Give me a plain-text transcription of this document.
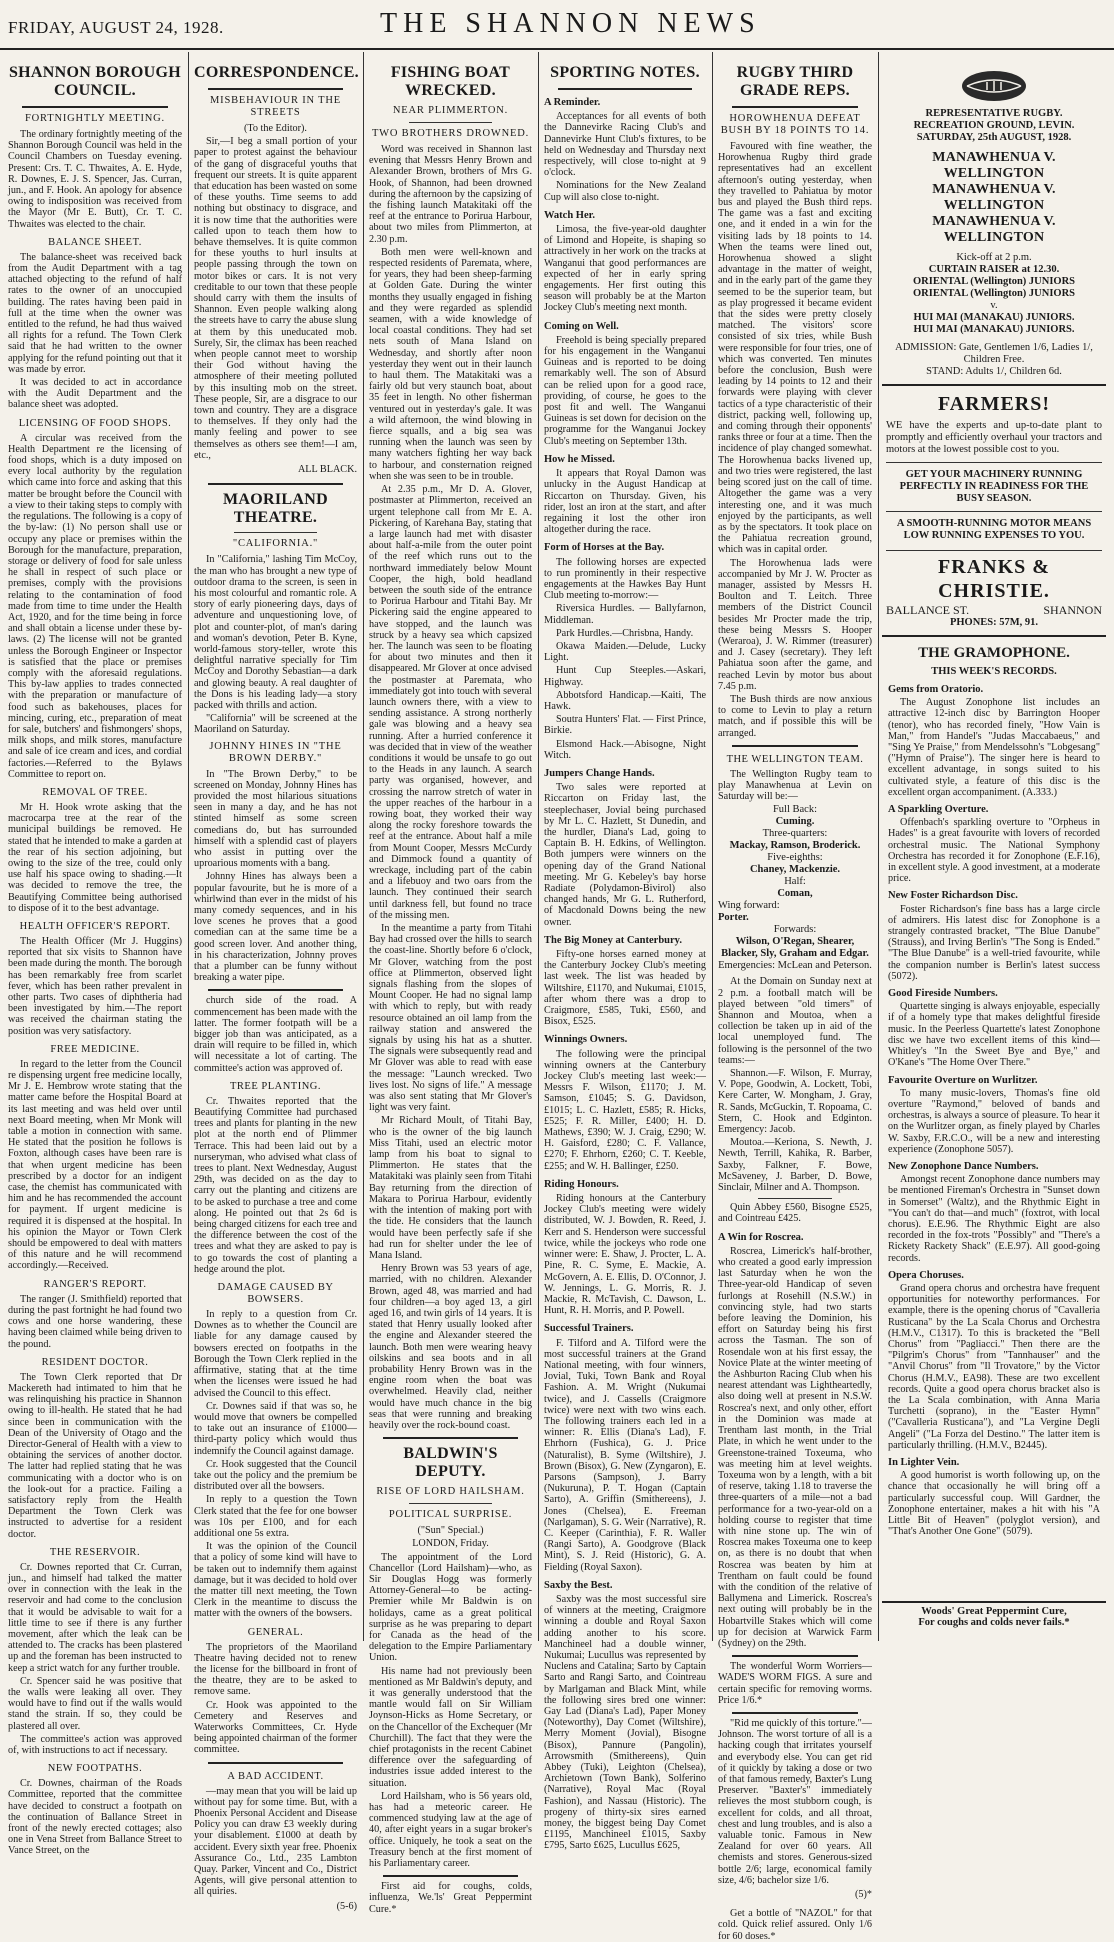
FRIDAY, AUGUST 24, 1928.	THE SHANNON NEWS
SHANNON BOROUGH COUNCIL.
FORTNIGHTLY MEETING.

The ordinary fortnightly meeting of the Shannon Borough Council was held in the Council Chambers on Tuesday evening. Present: Crs. T. C. Thwaites, A. E. Hyde, R. Downes, E. J. S. Spencer, Jas. Curran, jun., and F. Hook. An apology for absence owing to indisposition was received from the Mayor (Mr E. Butt), Cr. T. C. Thwaites was elected to the chair.

BALANCE SHEET.

The balance-sheet was received back from the Audit Department with a tag attached objecting to the refund of half rates to the owner of an unoccupied building. The rates having been paid in full at the time when the owner was entitled to the refund, he had thus waived all rights for a refund. The Town Clerk said that he had written to the owner applying for the refund pointing out that it was made by error.

It was decided to act in accordance with the Audit Department and the balance sheet was adopted.

LICENSING OF FOOD SHOPS.

A circular was received from the Health Department re the licensing of food shops, which is a duty imposed on every local authority by the regulation which came into force and asking that this matter be brought before the Council with a view to their taking steps to comply with the regulations. The following is a copy of the by-law: (1) No person shall use or occupy any place or premises within the Borough for the manufacture, preparation, storage or delivery of food for sale unless he shall in respect of such place or premises, comply with the provisions relating to the contamination of food made from time to time under the Health Act, 1920, and for the time being in force and shall obtain a license under these by-laws. (2) The license will not be granted unless the Borough Engineer or Inspector is satisfied that the place or premises comply with the aforesaid regulations. This by-law applies to trades connected with the preparation or manufacture of food such as bakehouses, places for mincing, curing, etc., preparation of meat for sale, butchers' and fishmongers' shops, milk shops, and milk stores, manufacture and sale of ice cream and ices, and cordial factories.—Referred to the Bylaws Committee to report on.

REMOVAL OF TREE.

Mr H. Hook wrote asking that the macrocarpa tree at the rear of the municipal buildings be removed. He stated that he intended to make a garden at the rear of his section adjoining, but owing to the size of the tree, could only use half his space owing to shading.—It was decided to remove the tree, the Beautifying Committee being authorised to dispose of it to the best advantage.

HEALTH OFFICER'S REPORT.

The Health Officer (Mr J. Huggins) reported that six visits to Shannon have been made during the month. The borough has been remarkably free from scarlet fever, which has been rather prevalent in other parts. Two cases of diphtheria had been investigated by him.—The report was received the chairman stating the position was very satisfactory.

FREE MEDICINE.

In regard to the letter from the Council re dispensing urgent free medicine locally, Mr J. E. Hembrow wrote stating that the matter came before the Hospital Board at its last meeting and was held over until next Board meeting, when Mr Monk will table a motion in connection with same. He stated that the position he follows is Foxton, although cases have been rare is that when urgent medicine has been prescribed by a doctor for an indigent case, the chemist has communicated with him and he has recommended the account for payment. If urgent medicine is required it is dispensed at the hospital. In his opinion the Mayor or Town Clerk should be empowered to deal with matters of this nature and he will recommend accordingly.—Received.

RANGER'S REPORT.

The ranger (J. Smithfield) reported that during the past fortnight he had found two cows and one horse wandering, these having been claimed while being driven to the pound.

RESIDENT DOCTOR.

The Town Clerk reported that Dr Mackereth had intimated to him that he was relinquishing his practice in Shannon owing to ill-health. He stated that he had since been in communication with the Dean of the University of Otago and the Director-General of Health with a view to obtaining the services of another doctor. The latter had replied stating that he was communicating with a doctor who is on the look-out for a practice. Failing a satisfactory reply from the Health Department the Town Clerk was instructed to advertise for a resident doctor.

THE RESERVOIR.

Cr. Downes reported that Cr. Curran, jun., and himself had talked the matter over in connection with the leak in the reservoir and had come to the conclusion that it would be advisable to wait for a little time to see if there is any further movement, after which the leak can be attended to. The cracks has been plastered up and the foreman has been instructed to keep a strict watch for any further trouble.

Cr. Spencer said he was positive that the walls were leaking all over. They would have to find out if the walls would stand the strain. If so, they could be plastered all over.

The committee's action was approved of, with instructions to act if necessary.

NEW FOOTPATHS.

Cr. Downes, chairman of the Roads Committee, reported that the committee have decided to construct a footpath on the continuation of Ballance Street in front of the newly erected cottages; also one in Vena Street from Ballance Street to Vance Street, on the

CORRESPONDENCE.
MISBEHAVIOUR IN THE STREETS

(To the Editor).

Sir,—I beg a small portion of your paper to protest against the behaviour of the gang of disgraceful youths that frequent our streets. It is quite apparent that education has been wasted on some of these youths. Time seems to add nothing but obstinacy to disgrace, and it is now time that the authorities were called upon to teach them how to behave themselves. It is quite common for these youths to hurl insults at people passing through the town on motor bikes or cars. It is not very creditable to our town that these people should carry with them the insults of Shannon. Even people walking along the streets have to carry the abuse slung at them by this uneducated mob. Surely, Sir, the climax has been reached when people cannot meet to worship their God without having the atmosphere of their meeting polluted by this insulting mob on the street. These people, Sir, are a disgrace to our town and country. They are a disgrace to themselves. If they only had the manly feeling and power to see themselves as others see them!—I am, etc.,

ALL BLACK.
MAORILAND THEATRE.
"CALIFORNIA."

In "California," lashing Tim McCoy, the man who has brought a new type of outdoor drama to the screen, is seen in his most colourful and romantic role. A story of early pioneering days, days of adventure and unquestioning love, of plot and counter-plot, of man's daring and woman's devotion, Peter B. Kyne, world-famous story-teller, wrote this delightful narrative specially for Tim McCoy and Dorothy Sebastian—a dark and glowing beauty. A real daughter of the Dons is his leading lady—a story packed with thrills and action.

"California" will be screened at the Maoriland on Saturday.

JOHNNY HINES IN "THE BROWN DERBY."

In "The Brown Derby," to be screened on Monday, Johnny Hines has provided the most hilarious situations seen in many a day, and he has not stinted himself as some screen comedians do, but has surrounded himself with a splendid cast of players who assist in putting over the uproarious moments with a bang.

Johnny Hines has always been a popular favourite, but he is more of a whirlwind than ever in the midst of his many comedy sequences, and in his love scenes he proves that a good comedian can at the same time be a good screen lover. And another thing, in his characterization, Johnny proves that a plumber can be funny without breaking a water pipe.

church side of the road. A commencement has been made with the latter. The former footpath will be a bigger job than was anticipated, as a drain will require to be filled in, which will necessitate a lot of carting. The committee's action was approved of.

TREE PLANTING.

Cr. Thwaites reported that the Beautifying Committee had purchased trees and plants for planting in the new plot at the north end of Plimmer Terrace. This had been laid out by a nurseryman, who advised what class of trees to plant. Next Wednesday, August 29th, was decided on as the day to carry out the planting and citizens are to be asked to purchase a tree and come along. He pointed out that 2s 6d is being charged citizens for each tree and the difference between the cost of the trees and what they are asked to pay is to go towards the cost of planting a hedge around the plot.

DAMAGE CAUSED BY BOWSERS.

In reply to a question from Cr. Downes as to whether the Council are liable for any damage caused by bowsers erected on footpaths in the Borough the Town Clerk replied in the affirmative, stating that at the time when the licenses were issued he had advised the Council to this effect.

Cr. Downes said if that was so, he would move that owners be compelled to take out an insurance of £1000—third-party policy which would thus indemnify the Council against damage.

Cr. Hook suggested that the Council take out the policy and the premium be distributed over all the bowsers.

In reply to a question the Town Clerk stated that the fee for one bowser was 10s per £100, and for each additional one 5s extra.

It was the opinion of the Council that a policy of some kind will have to be taken out to indemnify them against damage, but it was decided to hold over the matter till next meeting, the Town Clerk in the meantime to discuss the matter with the owners of the bowsers.

GENERAL.

The proprietors of the Maoriland Theatre having decided not to renew the license for the billboard in front of the theatre, they are to be asked to remove same.

Cr. Hook was appointed to the Cemetery and Reserves and Waterworks Committees, Cr. Hyde being appointed chairman of the former committee.

A BAD ACCIDENT.

—may mean that you will be laid up without pay for some time. But, with a Phoenix Personal Accident and Disease Policy you can draw £3 weekly during your disablement. £1000 at death by accident. Every sixth year free. Phoenix Assurance Co., Ltd., 235 Lambton Quay. Parker, Vincent and Co., District Agents, will give personal attention to all quiries.

(5-6)
FISHING BOAT WRECKED.
NEAR PLIMMERTON.
TWO BROTHERS DROWNED.

Word was received in Shannon last evening that Messrs Henry Brown and Alexander Brown, brothers of Mrs G. Hook, of Shannon, had been drowned during the afternoon by the capsizing of the fishing launch Matakitaki off the reef at the entrance to Porirua Harbour, about two miles from Plimmerton, at 2.30 p.m.

Both men were well-known and respected residents of Paremata, where, for years, they had been sheep-farming at Golden Gate. During the winter months they usually engaged in fishing and they were regarded as splendid seamen, with a wide knowledge of local coastal conditions. They had set nets south of Mana Island on Wednesday, and shortly after noon yesterday they went out in their launch to haul them. The Matakitaki was a fairly old but very staunch boat, about 35 feet in length. No other fisherman ventured out in yesterday's gale. It was a wild afternoon, the wind blowing in fierce squalls, and a big sea was running when the launch was seen by many watchers fighting her way back to harbour, and consternation reigned when she was seen to be in trouble.

At 2.35 p.m., Mr D. A. Glover, postmaster at Plimmerton, received an urgent telephone call from Mr E. A. Pickering, of Karehana Bay, stating that a large launch had met with disaster about half-a-mile from the outer point of the reef which runs out to the northward immediately below Mount Cooper, the high, bold headland between the south side of the entrance to Porirua Harbour and Titahi Bay. Mr Pickering said the engine appeared to have stopped, and the launch was struck by a heavy sea which capsized her. The launch was seen to be floating for about two minutes and then it disappeared. Mr Glover at once advised the postmaster at Paremata, who immediately got into touch with several launch owners there, with a view to sending assistance. A strong northerly gale was blowing and a heavy sea running. After a hurried conference it was decided that in view of the weather conditions it would be unsafe to go out to the Heads in any launch. A search party was organised, however, and crossing the narrow stretch of water in the upper reaches of the harbour in a rowing boat, they worked their way along the rocky foreshore towards the reef at the entrance. About half a mile from Mount Cooper, Messrs McCurdy and Dimmock found a quantity of wreckage, including part of the cabin and a lifebuoy and two oars from the launch. They continued their search until darkness fell, but found no trace of the missing men.

In the meantime a party from Titahi Bay had crossed over the hills to search the coast-line. Shortly before 6 o'clock, Mr Glover, watching from the post office at Plimmerton, observed light signals flashing from the slopes of Mount Cooper. He had no signal lamp with which to reply, but with ready resource obtained an oil lamp from the railway station and answered the signals by using his hat as a shutter. The signals were subsequently read and Mr Glover was able to read with ease the message: "Launch wrecked. Two lives lost. No signs of life." A message was also sent stating that Mr Glover's light was very faint.

Mr Richard Moult, of Titahi Bay, who is the owner of the big launch Miss Titahi, used an electric motor lamp from his boat to signal to Plimmerton. He states that the Matakitaki was plainly seen from Titahi Bay returning from the direction of Makara to Porirua Harbour, evidently with the intention of making port with the tide. He considers that the launch would have been perfectly safe if she had run for shelter under the lee of Mana Island.

Henry Brown was 53 years of age, married, with no children. Alexander Brown, aged 48, was married and had four children—a boy aged 13, a girl aged 16, and twin girls of 14 years. It is stated that Henry usually looked after the engine and Alexander steered the launch. Both men were wearing heavy oilskins and sea boots and in all probability Henry Brown was in the engine room when the boat was overwhelmed. Heavily clad, neither would have much chance in the big seas that were running and breaking heavily over the rock-bound coast.

BALDWIN'S DEPUTY.
RISE OF LORD HAILSHAM.
POLITICAL SURPRISE.

("Sun" Special.)

LONDON, Friday.

The appointment of the Lord Chancellor (Lord Hailsham)—who, as Sir Douglas Hogg was formerly Attorney-General—to be acting-Premier while Mr Baldwin is on holidays, came as a great political surprise as he was preparing to depart for Canada as the head of the delegation to the Empire Parliamentary Union.

His name had not previously been mentioned as Mr Baldwin's deputy, and it was generally understood that the mantle would fall on Sir William Joynson-Hicks as Home Secretary, or on the Chancellor of the Exchequer (Mr Churchill). The fact that they were the chief protagonists in the recent Cabinet difference over the safeguarding of industries issue added interest to the situation.

Lord Hailsham, who is 56 years old, has had a meteoric career. He commenced studying law at the age of 40, after eight years in a sugar broker's office. Uniquely, he took a seat on the Treasury bench at the first moment of his Parliamentary career.

First aid for coughs, colds, influenza, We.'ls' Great Peppermint Cure.*

SPORTING NOTES.
A Reminder.

Acceptances for all events of both the Dannevirke Racing Club's and Dannevirke Hunt Club's fixtures, to be held on Wednesday and Thursday next respectively, will close to-night at 9 o'clock.

Nominations for the New Zealand Cup will also close to-night.

Watch Her.

Limosa, the five-year-old daughter of Limond and Hopeite, is shaping so attractively in her work on the tracks at Wanganui that good performances are expected of her in early spring engagements. Her first outing this season will probably be at the Marton Jockey Club's meeting next month.

Coming on Well.

Freehold is being specially prepared for his engagement in the Wanganui Guineas and is reported to be doing remarkably well. The son of Absurd can be relied upon for a good race, providing, of course, he goes to the post fit and well. The Wanganui Guineas is set down for decision on the programme for the Wanganui Jockey Club's meeting on September 13th.

How he Missed.

It appears that Royal Damon was unlucky in the August Handicap at Riccarton on Thursday. Given, his rider, lost an iron at the start, and after regaining it lost the other iron altogether during the race.

Form of Horses at the Bay.

The following horses are expected to run prominently in their respective engagements at the Hawkes Bay Hunt Club meeting to-morrow:—

Riversica Hurdles. — Ballyfarnon, Middleman.

Park Hurdles.—Chrisbna, Handy.

Okawa Maiden.—Delude, Lucky Light.

Hunt Cup Steeples.—Askari, Highway.

Abbotsford Handicap.—Kaiti, The Hawk.

Soutra Hunters' Flat. — First Prince, Birkie.

Elsmond Hack.—Abisogne, Night Witch.

Jumpers Change Hands.

Two sales were reported at Riccarton on Friday last, the steeplechaser, Jovial being purchased by Mr L. C. Hazlett, St Dunedin, and the hurdler, Diana's Lad, going to Captain B. H. Edkins, of Wellington. Both jumpers were winners on the opening day of the Grand National meeting. Mr G. Kebeley's bay horse Radiate (Polydamon-Bivirol) also changed hands, Mr G. L. Rutherford, of Macdonald Downs being the new owner.

The Big Money at Canterbury.

Fifty-one horses earned money at the Canterbury Jockey Club's meeting last week. The list was headed by Wiltshire, £1170, and Nukumai, £1015, after whom there was a drop to Craigmore, £585, Tuki, £560, and Bisox, £525.

Winnings Owners.

The following were the principal winning owners at the Canterbury Jockey Club's meeting last week:—Messrs F. Wilson, £1170; J. M. Samson, £1045; S. G. Davidson, £1015; L. C. Hazlett, £585; R. Hicks, £525; F. R. Miller, £400; H. D. Mathews, £390; W. J. Craig, £290; W. H. Gaisford, £280; C. F. Vallance, £270; F. Ehrhorn, £260; C. T. Keeble, £255; and W. H. Ballinger, £250.

Riding Honours.

Riding honours at the Canterbury Jockey Club's meeting were widely distributed, W. J. Bowden, R. Reed, J. Kerr and S. Henderson were successful twice, while the jockeys who rode one winner were: E. Shaw, J. Procter, L. A. Pine, R. C. Syme, E. Mackie, A. McGovern, A. E. Ellis, D. O'Connor, J. W. Jennings, L. G. Morris, R. J. Mackie, R. McTavish, C. Dawson, L. Hunt, R. H. Morris, and P. Powell.

Successful Trainers.

F. Tilford and A. Tilford were the most successful trainers at the Grand National meeting, with four winners, Jovial, Tuki, Town Bank and Royal Fashion. A. M. Wright (Nukumai twice), and J. Cassells (Craigmore twice) were next with two wins each. The following trainers each led in a winner: R. Ellis (Diana's Lad), F. Ehrhorn (Fushica), G. J. Price (Naturalist), B. Syme (Wiltshire), J. Brown (Bisox), G. New (Zyngaron), E. Parsons (Sampson), J. Barry (Nukuruna), P. T. Hogan (Captain Sarto), A. Griffin (Smithereens), J. Jones (Chelsea), E. Freeman (Narlgaman), S. G. Weir (Narrative), R. C. Keeper (Carinthia), F. R. Waller (Rangi Sarto), A. Goodgrove (Black Mint), S. J. Reid (Historic), G. A. Fielding (Royal Saxon).

Saxby the Best.

Saxby was the most successful sire of winners at the meeting, Craigmore winning a double and Royal Saxon adding another to his score. Manchineel had a double winner, Nukumai; Lucullus was represented by Nuclens and Catalina; Sarto by Captain Sarto and Rangi Sarto, and Cointreau by Marlgaman and Black Mint, while the following sires bred one winner: Gay Lad (Diana's Lad), Paper Money (Noteworthy), Day Comet (Wiltshire), Merry Moment (Jovial), Bisogne (Bisox), Pannure (Pangolin), Arrowsmith (Smithereens), Quin Abbey (Tuki), Leighton (Chelsea), Archietown (Town Bank), Solferino (Narrative), Royal Mac (Royal Fashion), and Nassau (Historic). The progeny of thirty-six sires earned money, the biggest being Day Comet £1195, Manchineel £1015, Saxby £795, Sarto £625, Lucullus £625,

RUGBY THIRD GRADE REPS.
HOROWHENUA DEFEAT BUSH BY 18 POINTS TO 14.

Favoured with fine weather, the Horowhenua Rugby third grade representatives had an excellent afternoon's outing yesterday, when they travelled to Pahiatua by motor bus and played the Bush third reps. The game was a fast and exciting one, and it ended in a win for the visiting lads by 18 points to 14. When the teams were lined out, Horowhenua showed a slight advantage in the matter of weight, and in the early part of the game they seemed to be the superior team, but as play progressed it became evident that the sides were pretty closely matched. The visitors' score consisted of six tries, while Bush were responsible for four tries, one of which was converted. Ten minutes before the conclusion, Bush were leading by 14 points to 12 and their forwards were playing with clever tactics of a type characteristic of their district, packing well, following up, and coming through their opponents' ranks three or four at a time. Then the incidence of play changed somewhat. The Horowhenua backs livened up, and two tries were registered, the last being scored just on the call of time. Altogether the game was a very interesting one, and it was much enjoyed by the participants, as well as by the spectators. It took place on the Pahiatua recreation ground, which was in capital order.

The Horowhenua lads were accompanied by Mr J. W. Procter as manager, assisted by Messrs H. Boulton and T. Leitch. Three members of the District Council besides Mr Procter made the trip, these being Messrs S. Hooper (Weraroa), J. W. Rimmer (treasurer) and J. Casey (secretary). They left Pahiatua soon after the game, and reached Levin by motor bus about 7.45 p.m.

The Bush thirds are now anxious to come to Levin to play a return match, and if possible this will be arranged.

THE WELLINGTON TEAM.

The Wellington Rugby team to play Manawhenua at Levin on Saturday will be:—

Full Back:
Cuming.
Three-quarters:
Mackay, Ramson, Broderick.
Five-eighths:
Chaney, Mackenzie.
Half:
Coman,
Wing forward:
Porter.
Forwards:
Wilson, O'Regan, Shearer, Blacker, Sly, Graham and Edgar.
Emergencies: McLean and Peterson.

At the Domain on Sunday next at 2 p.m. a football match will be played between "old timers" of Shannon and Moutoa, when a collection be taken up in aid of the local unemployed fund. The following is the personnel of the two teams:—

Shannon.—F. Wilson, F. Murray, V. Pope, Goodwin, A. Lockett, Tobi, Kere Carter, W. Mongham, J. Gray, R. Sands, McGuckin, T. Ropoama, C. Stern, C. Hook and Edginton. Emergency: Jacob.

Moutoa.—Keriona, S. Newth, J. Newth, Terrill, Kahika, R. Barber, Saxby, Falkner, F. Bowe, McSaveney, J. Barber, D. Bowe, Sinclair, Milner and A. Thompson.

Quin Abbey £560, Bisogne £525, and Cointreau £425.

A Win for Roscrea.

Roscrea, Limerick's half-brother, who created a good early impression last Saturday when he won the Three-year-old Handicap of seven furlongs at Rosehill (N.S.W.) in convincing style, had two starts before leaving the Dominion, his effort on Saturday being his first across the Tasman. The son of Rosendale won at his first essay, the Novice Plate at the winter meeting of the Ashburton Racing Club when his nearest attendant was Lightheartedly, also doing well at present in N.S.W. Roscrea's next, and only other, effort in the Dominion was made at Trentham last month, in the Trial Plate, in which he went under to the Greenstone-trained Toxeuma, who was meeting him at level weights. Toxeuma won by a length, with a bit of reserve, taking 1.18 to traverse the three-quarters of a mile—not a bad performance for a two-year-old on a holding course to register that time with nine stone up. The win of Roscrea makes Toxeuma one to keep on, as there is no doubt that when Roscrea was beaten by him at Trentham on fault could be found with the condition of the relative of Ballymena and Limerick. Roscrea's next outing will probably be in the Hobartville Stakes which will come up for decision at Warwick Farm (Sydney) on the 29th.

The wonderful Worm Worriers—WADE'S WORM FIGS. A sure and certain specific for removing worms. Price 1/6.*

"Rid me quickly of this torture."—Johnson. The worst torture of all is a hacking cough that irritates yourself and everybody else. You can get rid of it quickly by taking a dose or two of that famous remedy, Baxter's Lung Preserver. "Baxter's" immediately relieves the most stubborn cough, is excellent for colds, and all throat, chest and lung troubles, and is also a valuable tonic. Famous in New Zealand for over 60 years. All chemists and stores. Generous-sized bottle 2/6; large, economical family size, 4/6; bachelor size 1/6.

(5)*

Get a bottle of "NAZOL" for that cold. Quick relief assured. Only 1/6 for 60 doses.*

REPRESENTATIVE RUGBY.
RECREATION GROUND, LEVIN.
SATURDAY, 25th AUGUST, 1928.
MANAWHENUA V. WELLINGTON
MANAWHENUA V. WELLINGTON
MANAWHENUA V. WELLINGTON
Kick-off at 2 p.m.
CURTAIN RAISER at 12.30.
ORIENTAL (Wellington) JUNIORS
ORIENTAL (Wellington) JUNIORS
v.
HUI MAI (MANAKAU) JUNIORS.
HUI MAI (MANAKAU) JUNIORS.
ADMISSION: Gate, Gentlemen 1/6, Ladies 1/, Children Free.
STAND: Adults 1/, Children 6d.
FARMERS!
WE have the experts and up-to-date plant to promptly and efficiently overhaul your tractors and motors at the lowest possible cost to you.
GET YOUR MACHINERY RUNNING PERFECTLY IN READINESS FOR THE BUSY SEASON.
A SMOOTH-RUNNING MOTOR MEANS LOW RUNNING EXPENSES TO YOU.
FRANKS & CHRISTIE.
BALLANCE ST.	SHANNON
PHONES: 57M, 91.
THE GRAMOPHONE.
THIS WEEK'S RECORDS.
Gems from Oratorio.

The August Zonophone list includes an attractive 12-inch disc by Barrington Hooper (tenor), who has recorded finely, "How Vain is Man," from Handel's "Judas Maccabaeus," and "Sing Ye Praise," from Mendelssohn's "Lobgesang" ("Hymn of Praise"). The singer here is heard to excellent advantage, in songs suited to his cultivated style, a feature of this disc is the excellent organ accompaniment. (A.333.)

A Sparkling Overture.

Offenbach's sparkling overture to "Orpheus in Hades" is a great favourite with lovers of recorded orchestral music. The National Symphony Orchestra has recorded it for Zonophone (E.F.16), in excellent style. A good investment, at a moderate price.

New Foster Richardson Disc.

Foster Richardson's fine bass has a large circle of admirers. His latest disc for Zonophone is a strangely contrasted bracket, "The Blue Danube" (Strauss), and Irving Berlin's "The Song is Ended." "The Blue Danube" is a well-tried favourite, while the companion number is Berlin's latest success (5072).

Good Fireside Numbers.

Quartette singing is always enjoyable, especially if of a homely type that makes delightful fireside music. In the Peerless Quartette's latest Zonophone disc we have two excellent items of this kind—Whitley's "In the Sweet Bye and Bye," and O'Kane's "The Home Over There."

Favourite Overture on Wurlitzer.

To many music-lovers, Thomas's fine old overture "Raymond," beloved of bands and orchestras, is always a source of pleasure. To hear it on the Wurlitzer organ, as finely played by Charles W. Saxby, F.R.C.O., will be a new and interesting experience (Zonophone 5057).

New Zonophone Dance Numbers.

Amongst recent Zonophone dance numbers may be mentioned Fireman's Orchestra in "Sunset down in Somerset" (Waltz), and the Rhythmic Eight in "You can't do that—and much" (foxtrot, with local chorus). E.E.96. The Rhythmic Eight are also recorded in the fox-trots "Possibly" and "There's a Rickety Rackety Shack" (E.E.97). All good-going records.

Opera Choruses.

Grand opera chorus and orchestra have frequent opportunities for noteworthy performances. For example, there is the opening chorus of "Cavalleria Rusticana" by the La Scala Chorus and Orchestra (H.M.V., C1317). To this is bracketed the "Bell Chorus" from "Pagliacci." Then there are the "Pilgrim's Chorus" from "Tannhauser" and the "Anvil Chorus" from "Il Trovatore," by the Victor Chorus (H.M.V., EA98). These are two excellent records. Quite a good opera chorus bracket also is the La Scala combination, with Anna Maria Turchetti (soprano), in the "Easter Hymn" ("Cavalleria Rusticana"), and "La Vergine Degli Angeli" ("La Forza del Destino." The latter item is particularly thrilling. (H.M.V., B2445).

In Lighter Vein.

A good humorist is worth following up, on the chance that occasionally he will bring off a particularly successful coup. Will Gardner, the Zonophone entertainer, makes a hit with his "A Little Bit of Heaven" (polyglot version), and "That's Another One Gone" (5079).

Woods' Great Peppermint Cure,
For coughs and colds never fails.*
